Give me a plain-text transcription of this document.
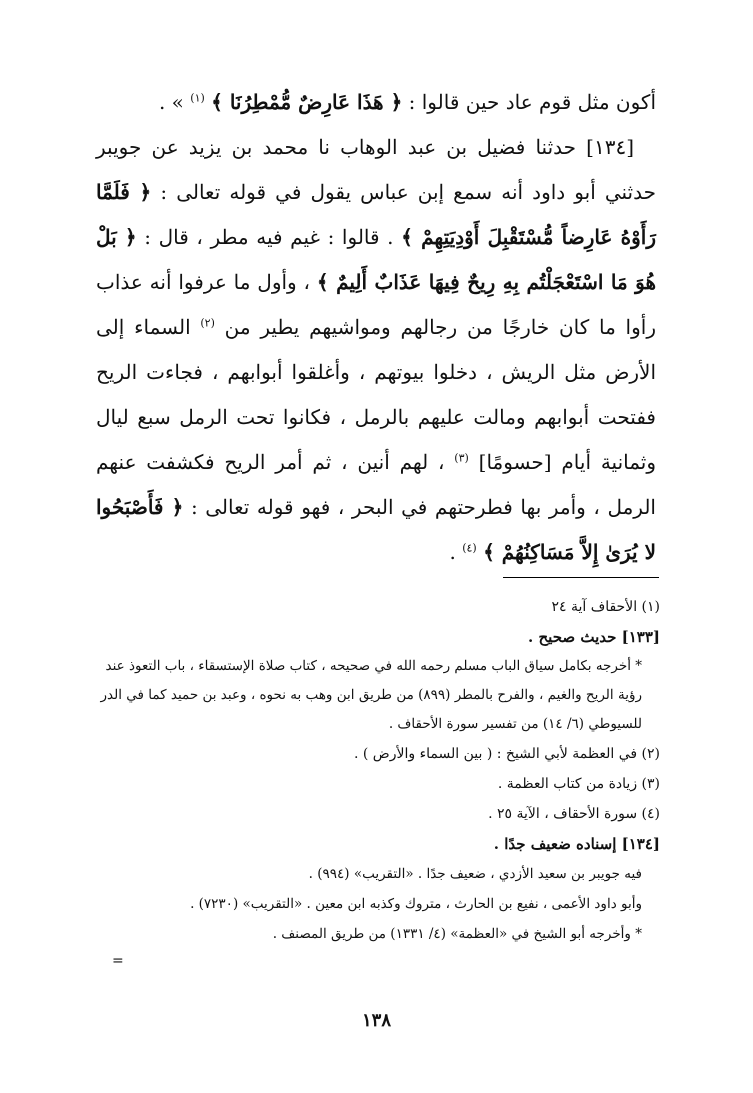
أكون مثل قوم عاد حين قالوا : ﴿ هَذَا عَارِضٌ مُّمْطِرُنَا ﴾ $^{(١)}$ » .

[١٣٤] حدثنا فضيل بن عبد الوهاب نا محمد بن يزيد عن جويبر حدثني أبو داود أنه سمع إبن عباس يقول في قوله تعالى : ﴿ فَلَمَّا رَأَوْهُ عَارِضاً مُّسْتَقْبِلَ أَوْدِيَتِهِمْ ﴾ . قالوا : غيم فيه مطر ، قال : ﴿ بَلْ هُوَ مَا اسْتَعْجَلْتُم بِهِ رِيحٌ فِيهَا عَذَابٌ أَلِيمٌ ﴾ ، وأول ما عرفوا أنه عذاب رأوا ما كان خارجًا من رجالهم ومواشيهم يطير من $^{(٢)}$ السماء إلى الأرض مثل الريش ، دخلوا بيوتهم ، وأغلقوا أبوابهم ، فجاءت الريح ففتحت أبوابهم ومالت عليهم بالرمل ، فكانوا تحت الرمل سبع ليال وثمانية أيام [حسومًا] $^{(٣)}$ ، لهم أنين ، ثم أمر الريح فكشفت عنهم الرمل ، وأمر بها فطرحتهم في البحر ، فهو قوله تعالى : ﴿ فَأَصْبَحُوا لا يُرَىٰ إِلاَّ مَسَاكِنُهُمْ ﴾ $^{(٤)}$ .

(١) الأحقاف آية ٢٤

[١٣٣] حديث صحيح .

* أخرجه بكامل سياق الباب مسلم رحمه الله في صحيحه ، كتاب صلاة الإستسقاء ، باب التعوذ عند رؤية الريح والغيم ، والفرح بالمطر (٨٩٩) من طريق ابن وهب به نحوه ، وعبد بن حميد كما في الدر للسيوطي (٦/ ١٤) من تفسير سورة الأحقاف .

(٢) في العظمة لأبي الشيخ : ( بين السماء والأرض ) .

(٣) زيادة من كتاب العظمة .

(٤) سورة الأحقاف ، الآية ٢٥ .

[١٣٤] إسناده ضعيف جدًا .

فيه جويبر بن سعيد الأزدي ، ضعيف جدًا . «التقريب» (٩٩٤) .

وأبو داود الأعمى ، نفيع بن الحارث ، متروك وكذبه ابن معين . «التقريب» (٧٢٣٠) .

* وأخرجه أبو الشيخ في «العظمة» (٤/ ١٣٣١) من طريق المصنف .

=
١٣٨
